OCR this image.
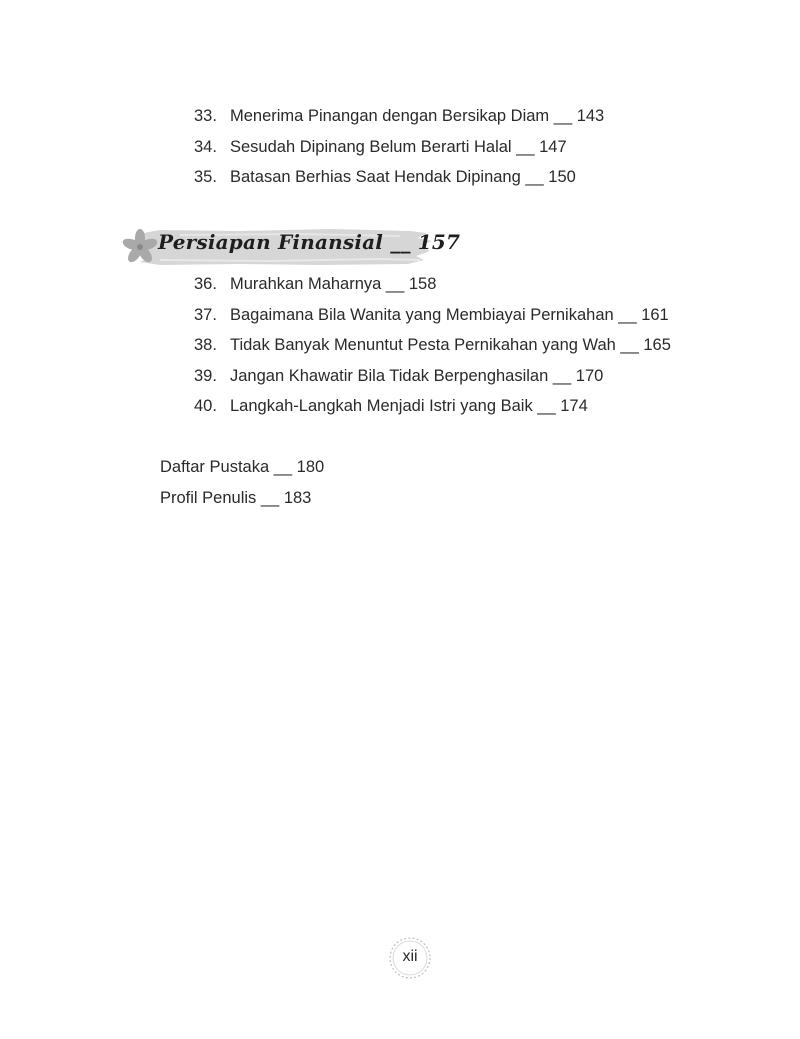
33. Menerima Pinangan dengan Bersikap Diam __ 143
34. Sesudah Dipinang Belum Berarti Halal __ 147
35. Batasan Berhias Saat Hendak Dipinang __ 150
Persiapan Finansial __ 157
36. Murahkan Maharnya __ 158
37. Bagaimana Bila Wanita yang Membiayai Pernikahan __ 161
38. Tidak Banyak Menuntut Pesta Pernikahan yang Wah __ 165
39. Jangan Khawatir Bila Tidak Berpenghasilan __ 170
40. Langkah-Langkah Menjadi Istri yang Baik __ 174
Daftar Pustaka __ 180
Profil Penulis __ 183
xii
